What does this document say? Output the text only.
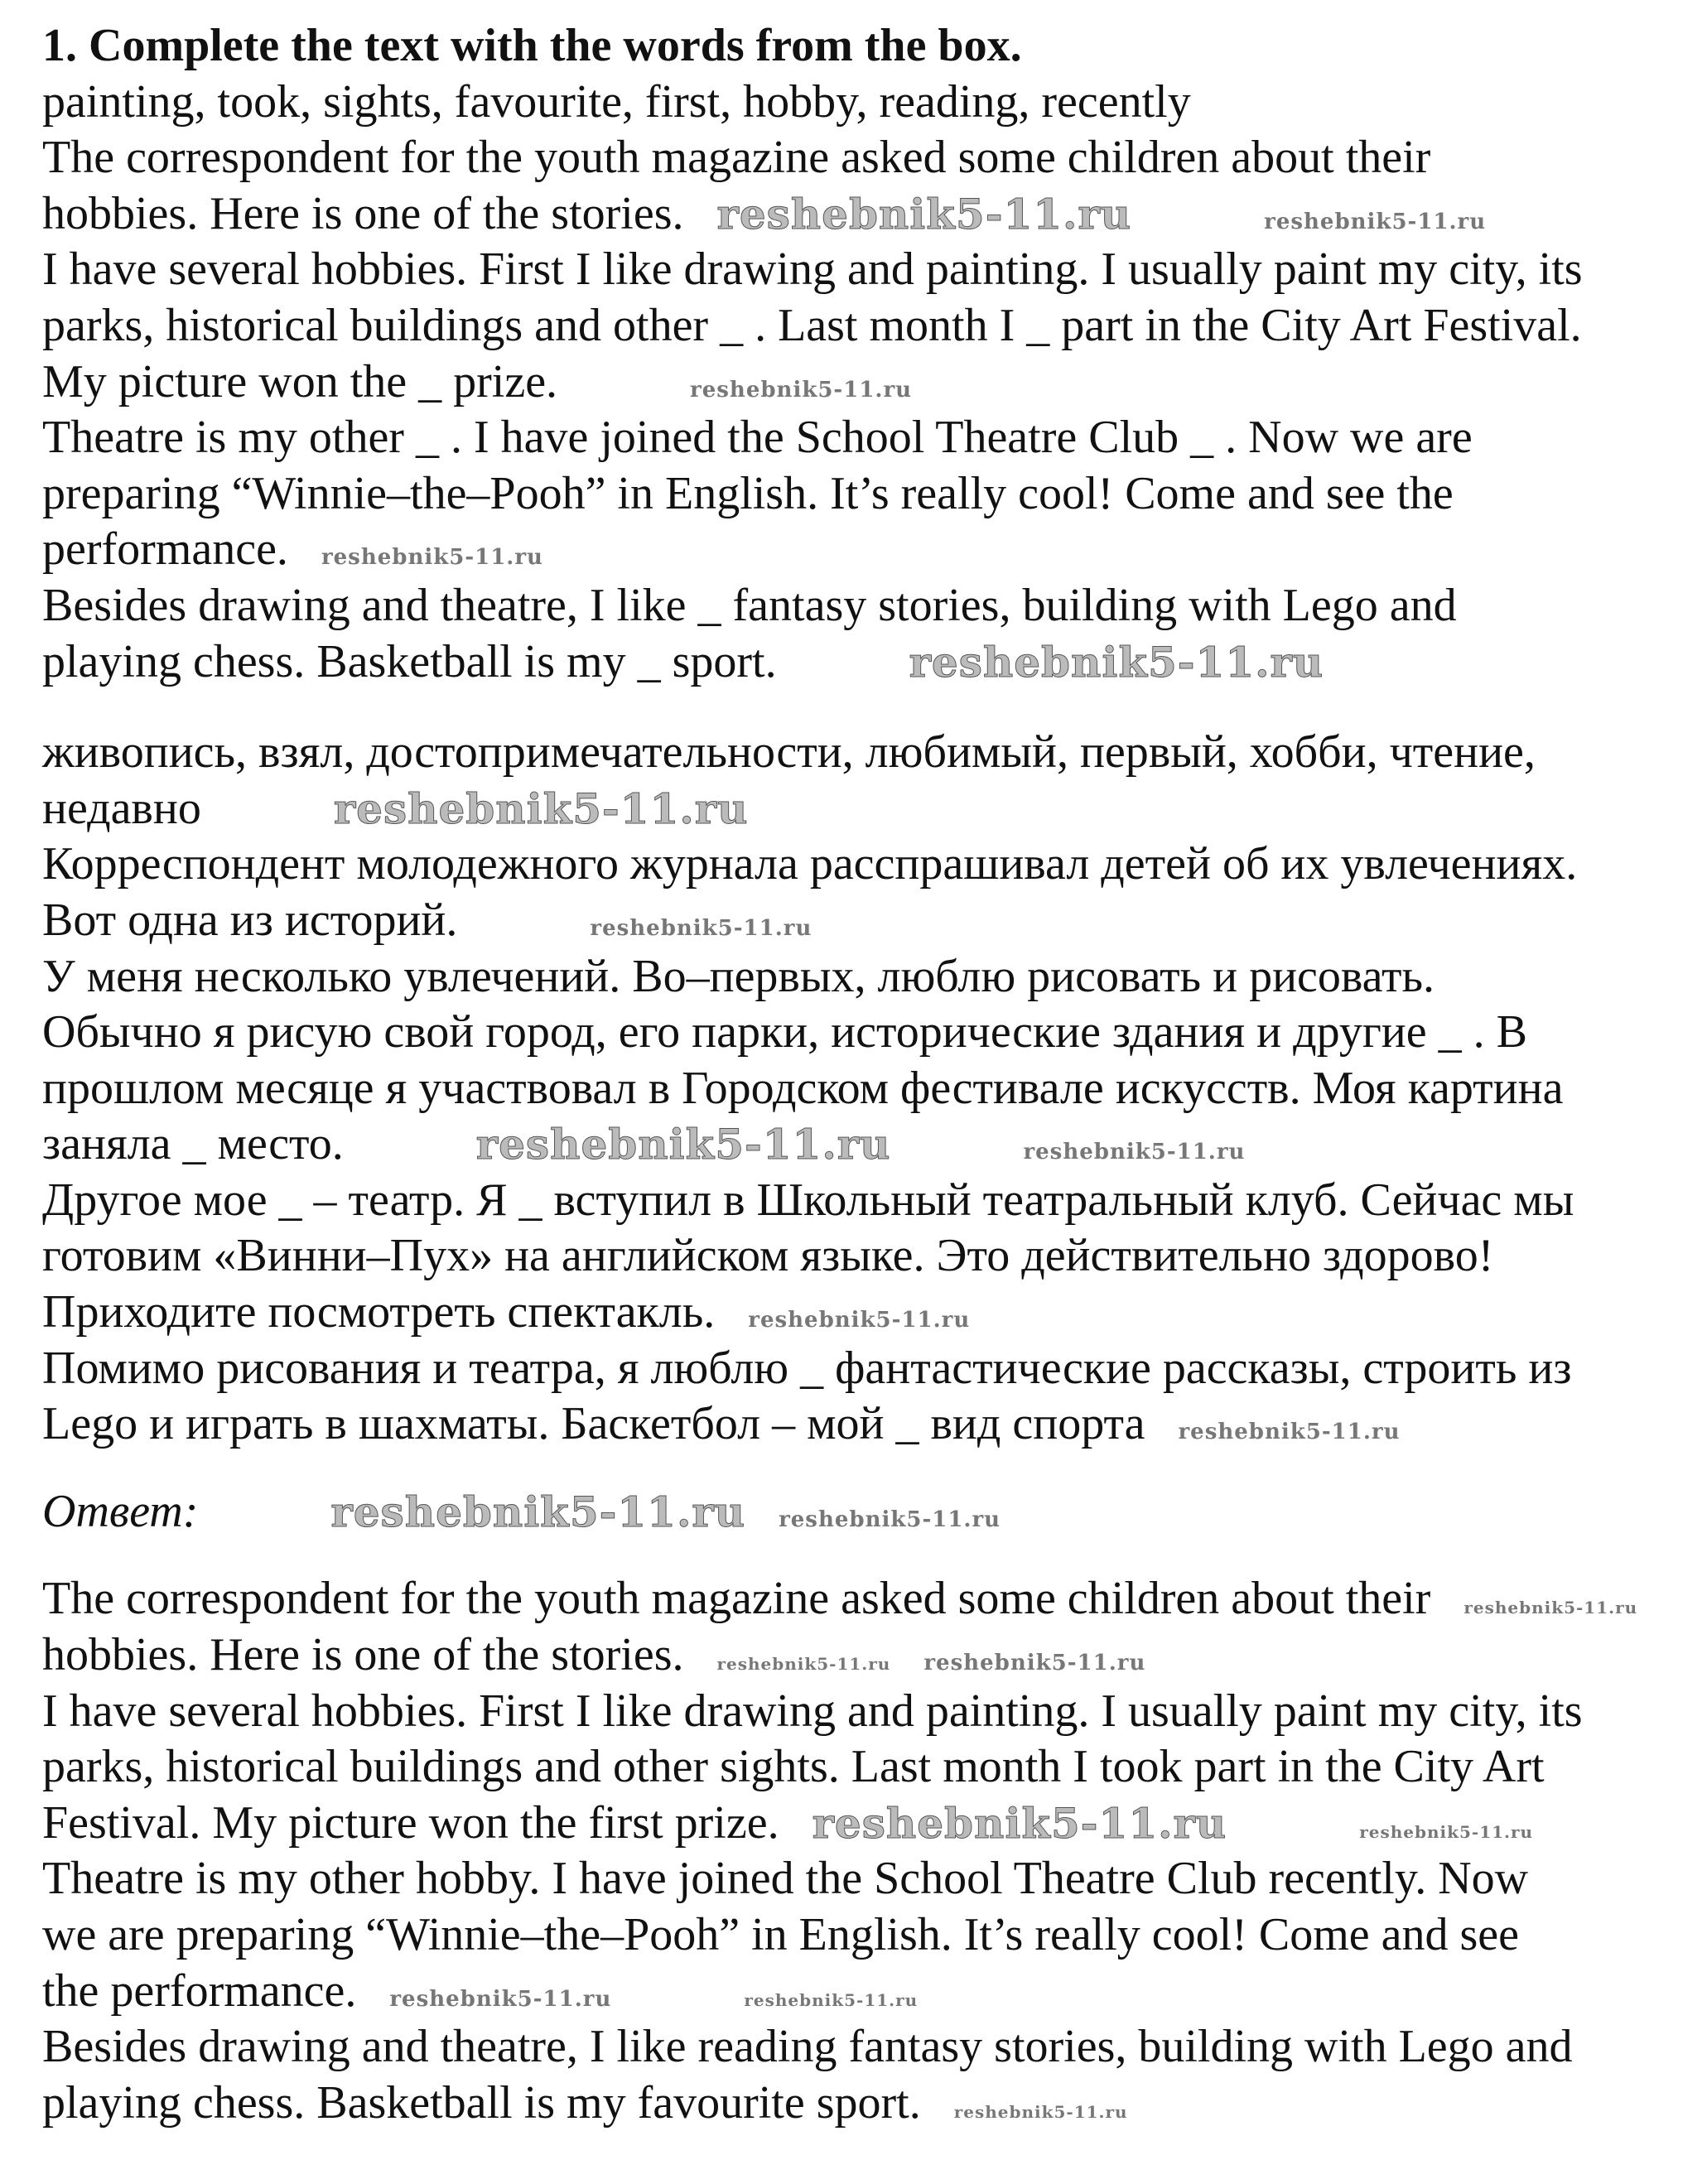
1. Complete the text with the words from the box.
painting, took, sights, favourite, first, hobby, reading, recently
The correspondent for the youth magazine asked some children about their
hobbies. Here is one of the stories. reshebnik5-11.ru	reshebnik5-11.ru
I have several hobbies. First I like drawing and painting. I usually paint my city, its
parks, historical buildings and other _ . Last month I _ part in the City Art Festival.
My picture won the _ prize.	reshebnik5-11.ru
Theatre is my other _ . I have joined the School Theatre Club _ . Now we are
preparing “Winnie–the–Pooh” in English. It’s really cool! Come and see the
performance. reshebnik5-11.ru
Besides drawing and theatre, I like _ fantasy stories, building with Lego and
playing chess. Basketball is my _ sport.	reshebnik5-11.ru
живопись, взял, достопримечательности, любимый, первый, хобби, чтение,
недавно	reshebnik5-11.ru
Корреспондент молодежного журнала расспрашивал детей об их увлечениях.
Вот одна из историй.	reshebnik5-11.ru
У меня несколько увлечений. Во–первых, люблю рисовать и рисовать.
Обычно я рисую свой город, его парки, исторические здания и другие _ . В
прошлом месяце я участвовал в Городском фестивале искусств. Моя картина
заняла _ место.	reshebnik5-11.ru	reshebnik5-11.ru
Другое мое _ – театр. Я _ вступил в Школьный театральный клуб. Сейчас мы
готовим «Винни–Пух» на английском языке. Это действительно здорово!
Приходите посмотреть спектакль. reshebnik5-11.ru
Помимо рисования и театра, я люблю _ фантастические рассказы, строить из
Lego и играть в шахматы. Баскетбол – мой _ вид спорта reshebnik5-11.ru
Ответ:	reshebnik5-11.ru reshebnik5-11.ru
The correspondent for the youth magazine asked some children about their reshebnik5-11.ru
hobbies. Here is one of the stories. reshebnik5-11.ru reshebnik5-11.ru
I have several hobbies. First I like drawing and painting. I usually paint my city, its
parks, historical buildings and other sights. Last month I took part in the City Art
Festival. My picture won the first prize. reshebnik5-11.ru	reshebnik5-11.ru
Theatre is my other hobby. I have joined the School Theatre Club recently. Now
we are preparing “Winnie–the–Pooh” in English. It’s really cool! Come and see
the performance. reshebnik5-11.ru	reshebnik5-11.ru
Besides drawing and theatre, I like reading fantasy stories, building with Lego and
playing chess. Basketball is my favourite sport. reshebnik5-11.ru
